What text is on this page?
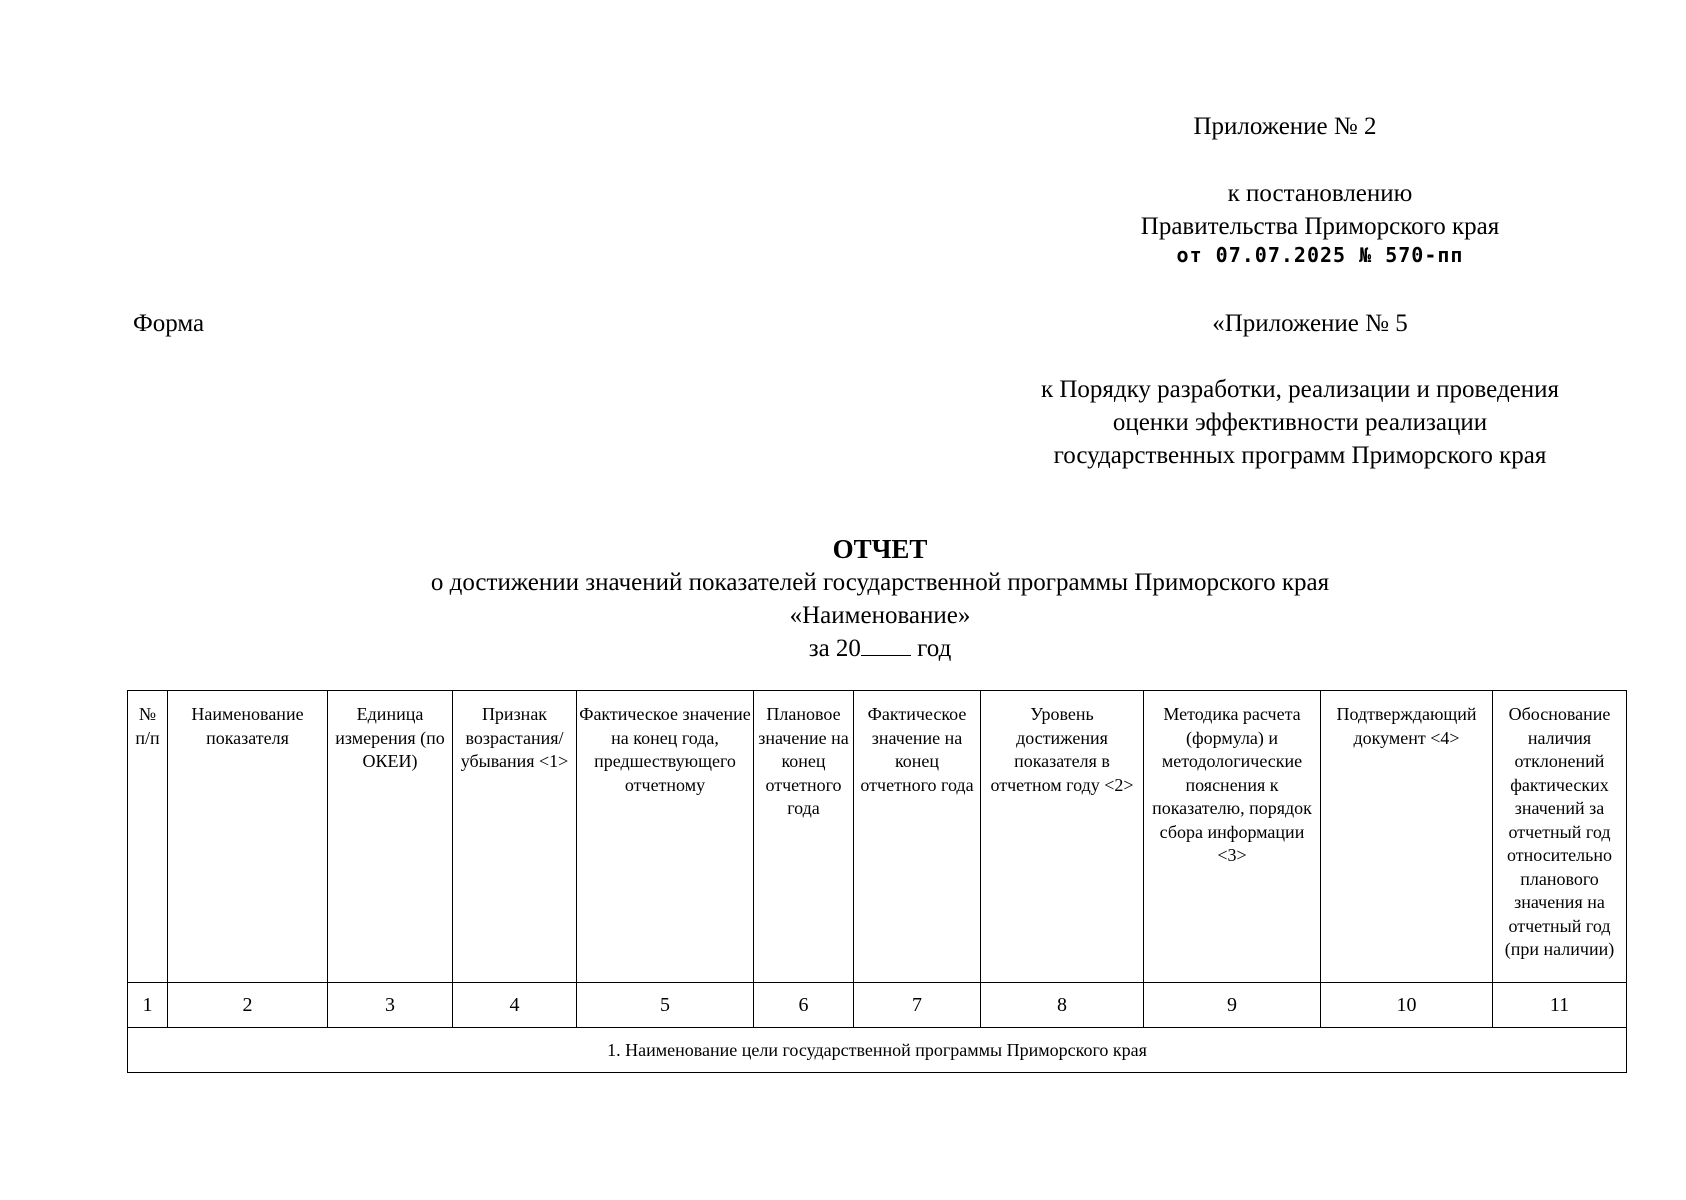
Приложение № 2
к постановлению
Правительства Приморского края
от 07.07.2025 № 570-пп
Форма	«Приложение № 5
к Порядку разработки, реализации и проведения
оценки эффективности реализации
государственных программ Приморского края
ОТЧЕТ
о достижении значений показателей государственной программы Приморского края
«Наименование»
за 20 год
№ п/п	Наименование показателя	Единица измерения (по ОКЕИ)	Признак возрастания/ убывания <1>	Фактическое значение на конец года, предшествующего отчетному	Плановое значение на конец отчетного года	Фактическое значение на конец отчетного года	Уровень достижения показателя в отчетном году <2>	Методика расчета (формула) и методологические пояснения к показателю, порядок сбора информации <3>	Подтверждающий документ <4>	Обоснование наличия отклонений фактических значений за отчетный год относительно планового значения на отчетный год (при наличии)
1	2	3	4	5	6	7	8	9	10	11
1. Наименование цели государственной программы Приморского края										
